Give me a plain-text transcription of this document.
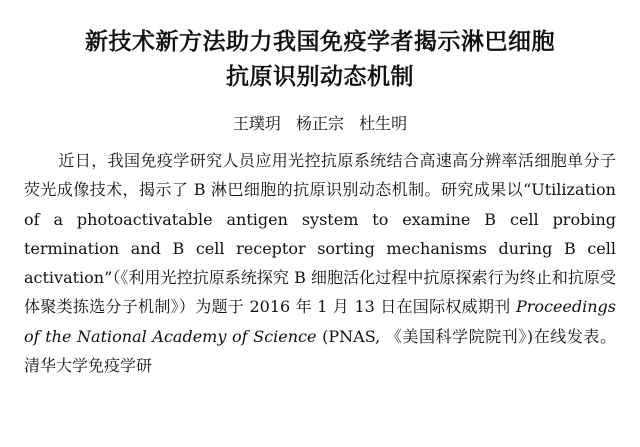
新技术新方法助力我国免疫学者揭示淋巴细胞
抗原识别动态机制
王璞玥 杨正宗 杜生明
近日，我国免疫学研究人员应用光控抗原系统结合高速高分辨率活细胞单分子荧光成像技术，揭示了 B 淋巴细胞的抗原识别动态机制。研究成果以“Utilization of a photoactivatable antigen system to examine B cell probing termination and B cell receptor sorting mechanisms during B cell activation”（《利用光控抗原系统探究 B 细胞活化过程中抗原探索行为终止和抗原受体聚类拣选分子机制》）为题于 2016 年 1 月 13 日在国际权威期刊 Proceedings of the National Academy of Science (PNAS, 《美国科学院院刊》)在线发表。清华大学免疫学研
